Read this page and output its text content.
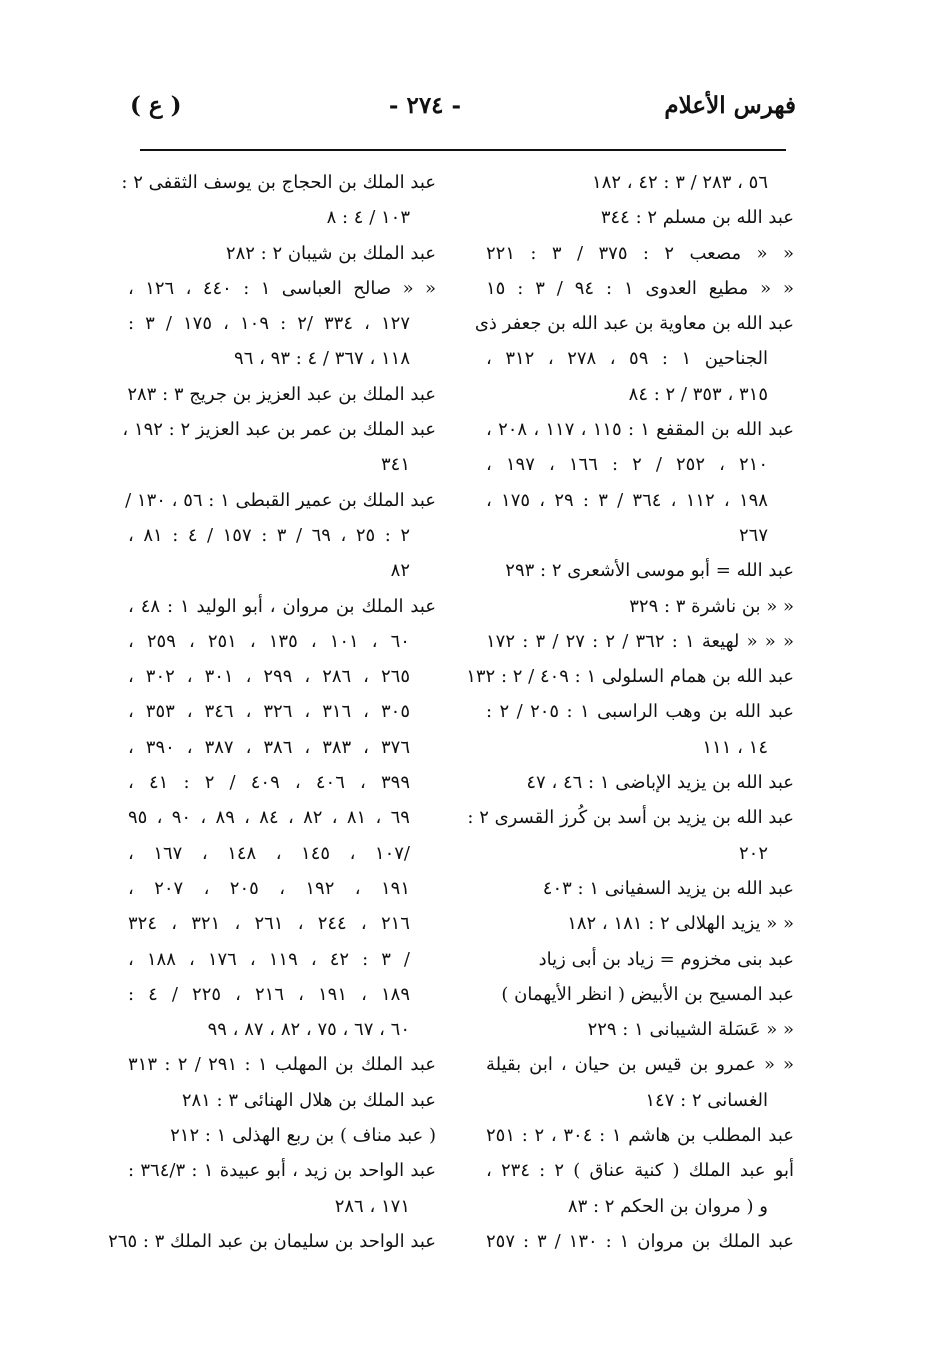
فهرس الأعلام
- ٢٧٤ -
( ع )
٥٦ ، ٢٨٣ / ٣ : ٤٢ ، ١٨٢
عبد الله بن مسلم ٢ : ٣٤٤
« « مصعب ٢ : ٣٧٥ / ٣ : ٢٢١
« « مطيع العدوى ١ : ٩٤ / ٣ : ١٥
عبد الله بن معاوية بن عبد الله بن جعفر ذى
الجناحين ١ : ٥٩ ، ٢٧٨ ، ٣١٢ ،
٣١٥ ، ٣٥٣ / ٢ : ٨٤
عبد الله بن المقفع ١ : ١١٥ ، ١١٧ ، ٢٠٨ ،
٢١٠ ، ٢٥٢ / ٢ : ١٦٦ ، ١٩٧ ،
١٩٨ ، ١١٢ ، ٣٦٤ / ٣ : ٢٩ ، ١٧٥ ،
٢٦٧
عبد الله = أبو موسى الأشعرى ٢ : ٢٩٣
« « بن ناشرة ٣ : ٣٢٩
« « « لهيعة ١ : ٣٦٢ / ٢ : ٢٧ / ٣ : ١٧٢
عبد الله بن همام السلولى ١ : ٤٠٩ / ٢ : ١٣٢
عبد الله بن وهب الراسبى ١ : ٢٠٥ / ٢ :
١٤ ، ١١١
عبد الله بن يزيد الإباضى ١ : ٤٦ ، ٤٧
عبد الله بن يزيد بن أسد بن كُرز القسرى ٢ :
٢٠٢
عبد الله بن يزيد السفيانى ١ : ٤٠٣
« « يزيد الهلالى ٢ : ١٨١ ، ١٨٢
عبد بنى مخزوم = زياد بن أبى زياد
عبد المسيح بن الأبيض ( انظر الأيهمان )
« « عَسَلة الشيبانى ١ : ٢٢٩
« « عمرو بن قيس بن حيان ، ابن بقيلة
الغسانى ٢ : ١٤٧
عبد المطلب بن هاشم ١ : ٣٠٤ ، ٢ : ٢٥١
أبو عبد الملك ( كنية عناق ) ٢ : ٢٣٤ ،
و ( مروان بن الحكم ٢ : ٨٣
عبد الملك بن مروان ١ : ١٣٠ / ٣ : ٢٥٧
عبد الملك بن الحجاج بن يوسف الثقفى ٢ :
١٠٣ / ٤ : ٨
عبد الملك بن شيبان ٢ : ٢٨٢
« « صالح العباسى ١ : ٤٤٠ ، ١٢٦ ،
١٢٧ ، ٣٣٤ /٢ : ١٠٩ ، ١٧٥ / ٣ :
١١٨ ، ٣٦٧ / ٤ : ٩٣ ، ٩٦
عبد الملك بن عبد العزيز بن جريج ٣ : ٢٨٣
عبد الملك بن عمر بن عبد العزيز ٢ : ١٩٢ ،
٣٤١
عبد الملك بن عمير القبطى ١ : ٥٦ ، ١٣٠ /
٢ : ٢٥ ، ٦٩ / ٣ : ١٥٧ / ٤ : ٨١ ،
٨٢
عبد الملك بن مروان ، أبو الوليد ١ : ٤٨ ،
٦٠ ، ١٠١ ، ١٣٥ ، ٢٥١ ، ٢٥٩ ،
٢٦٥ ، ٢٨٦ ، ٢٩٩ ، ٣٠١ ، ٣٠٢ ،
٣٠٥ ، ٣١٦ ، ٣٢٦ ، ٣٤٦ ، ٣٥٣ ،
٣٧٦ ، ٣٨٣ ، ٣٨٦ ، ٣٨٧ ، ٣٩٠ ،
٣٩٩ ، ٤٠٦ ، ٤٠٩ / ٢ : ٤١ ،
٦٩ ، ٨١ ، ٨٢ ، ٨٤ ، ٨٩ ، ٩٠ ، ٩٥
/١٠٧ ، ١٤٥ ، ١٤٨ ، ١٦٧ ،
١٩١ ، ١٩٢ ، ٢٠٥ ، ٢٠٧ ،
٢١٦ ، ٢٤٤ ، ٢٦١ ، ٣٢١ ، ٣٢٤
/ ٣ : ٤٢ ، ١١٩ ، ١٧٦ ، ١٨٨ ،
١٨٩ ، ١٩١ ، ٢١٦ ، ٢٢٥ / ٤ :
٦٠ ، ٦٧ ، ٧٥ ، ٨٢ ، ٨٧ ، ٩٩
عبد الملك بن المهلب ١ : ٢٩١ / ٢ : ٣١٣
عبد الملك بن هلال الهنائى ٣ : ٢٨١
( عبد مناف ) بن ربع الهذلى ١ : ٢١٢
عبد الواحد بن زيد ، أبو عبيدة ١ : ٣٦٤/٣ :
١٧١ ، ٢٨٦
عبد الواحد بن سليمان بن عبد الملك ٣ : ٢٦٥
